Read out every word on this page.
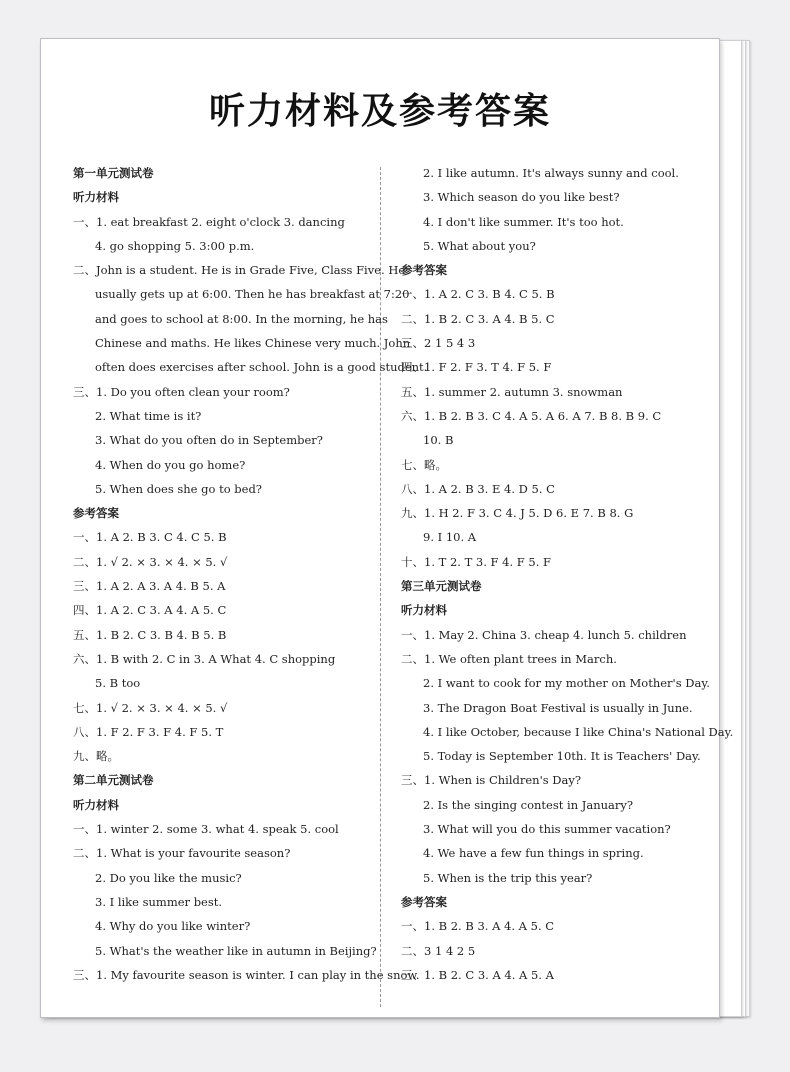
听力材料及参考答案
第一单元测试卷
听力材料
一、1. eat breakfast 2. eight o'clock 3. dancing
4. go shopping 5. 3:00 p.m.
二、John is a student. He is in Grade Five, Class Five. He
usually gets up at 6:00. Then he has breakfast at 7:20
and goes to school at 8:00. In the morning, he has
Chinese and maths. He likes Chinese very much. John
often does exercises after school. John is a good student.
三、1. Do you often clean your room?
2. What time is it?
3. What do you often do in September?
4. When do you go home?
5. When does she go to bed?
参考答案
一、1. A 2. B 3. C 4. C 5. B
二、1. √ 2. × 3. × 4. × 5. √
三、1. A 2. A 3. A 4. B 5. A
四、1. A 2. C 3. A 4. A 5. C
五、1. B 2. C 3. B 4. B 5. B
六、1. B with 2. C in 3. A What 4. C shopping
5. B too
七、1. √ 2. × 3. × 4. × 5. √
八、1. F 2. F 3. F 4. F 5. T
九、略。
第二单元测试卷
听力材料
一、1. winter 2. some 3. what 4. speak 5. cool
二、1. What is your favourite season?
2. Do you like the music?
3. I like summer best.
4. Why do you like winter?
5. What's the weather like in autumn in Beijing?
三、1. My favourite season is winter. I can play in the snow.
2. I like autumn. It's always sunny and cool.
3. Which season do you like best?
4. I don't like summer. It's too hot.
5. What about you?
参考答案
一、1. A 2. C 3. B 4. C 5. B
二、1. B 2. C 3. A 4. B 5. C
三、2 1 5 4 3
四、1. F 2. F 3. T 4. F 5. F
五、1. summer 2. autumn 3. snowman
六、1. B 2. B 3. C 4. A 5. A 6. A 7. B 8. B 9. C
10. B
七、略。
八、1. A 2. B 3. E 4. D 5. C
九、1. H 2. F 3. C 4. J 5. D 6. E 7. B 8. G
9. I 10. A
十、1. T 2. T 3. F 4. F 5. F
第三单元测试卷
听力材料
一、1. May 2. China 3. cheap 4. lunch 5. children
二、1. We often plant trees in March.
2. I want to cook for my mother on Mother's Day.
3. The Dragon Boat Festival is usually in June.
4. I like October, because I like China's National Day.
5. Today is September 10th. It is Teachers' Day.
三、1. When is Children's Day?
2. Is the singing contest in January?
3. What will you do this summer vacation?
4. We have a few fun things in spring.
5. When is the trip this year?
参考答案
一、1. B 2. B 3. A 4. A 5. C
二、3 1 4 2 5
三、1. B 2. C 3. A 4. A 5. A
